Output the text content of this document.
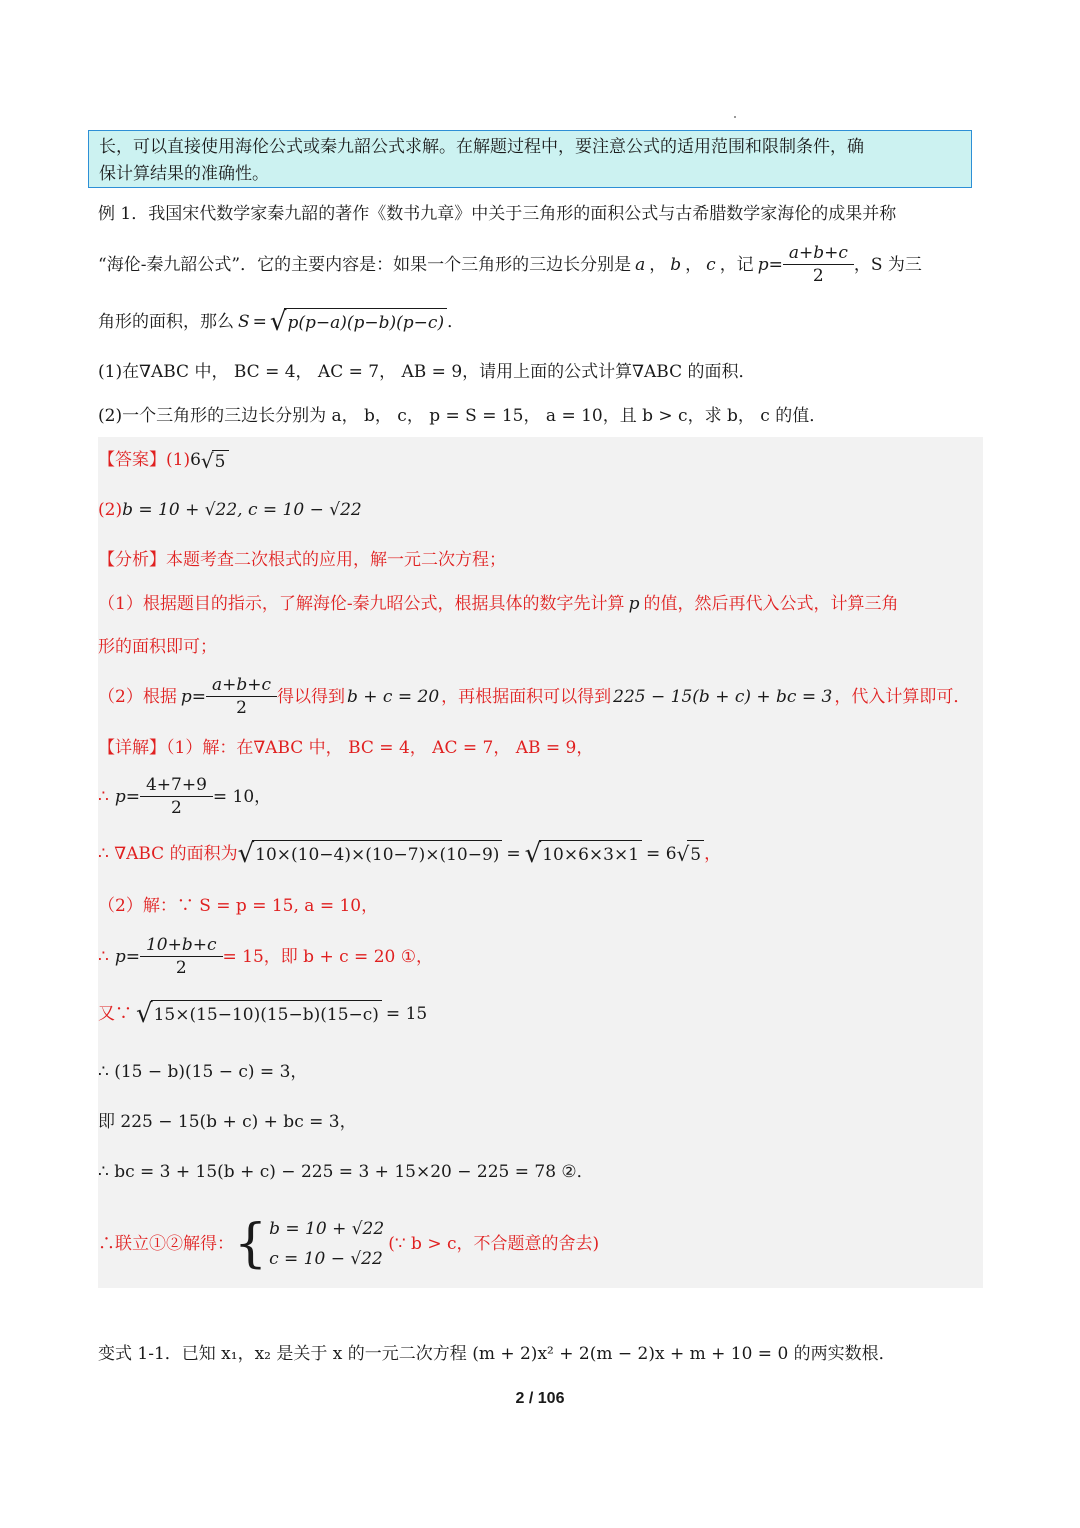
长，可以直接使用海伦公式或秦九韶公式求解。在解题过程中，要注意公式的适用范围和限制条件，确
保计算结果的准确性。
例 1．我国宋代数学家秦九韶的著作《数书九章》中关于三角形的面积公式与古希腊数学家海伦的成果并称
“海伦-秦九韶公式”．它的主要内容是：如果一个三角形的三边长分别是 a ， b ， c ，记 $p = \frac{a+b+c}{2}$ ，S 为三
角形的面积，那么 S = √ p(p−a)(p−b)(p−c) ．
(1)在∇ABC 中， BC = 4， AC = 7， AB = 9，请用上面的公式计算∇ABC 的面积．
(2)一个三角形的三边长分别为 a， b， c， p = S = 15， a = 10，且 b > c，求 b， c 的值．
【答案】(1)6 √ 5
(2)b = 10 + √22, c = 10 − √22
【分析】本题考查二次根式的应用，解一元二次方程；
（1）根据题目的指示，了解海伦-秦九昭公式，根据具体的数字先计算 p 的值，然后再代入公式，计算三角
形的面积即可；
（2）根据 $p = \frac{a+b+c}{2}$ 得以得到 b + c = 20 ，再根据面积可以得到 225 − 15(b + c) + bc = 3 ，代入计算即可．
【详解】（1）解：在∇ABC 中， BC = 4， AC = 7， AB = 9，
∴ $p = \frac{4+7+9}{2} = 10$，
∴ ∇ABC 的面积为 √ 10×(10−4)×(10−7)×(10−9) = √ 10×6×3×1 = 6 √ 5 ，
（2）解：∵ S = p = 15, a = 10，
∴ $p = \frac{10+b+c}{2} = 15$，即 b + c = 20 ①，
又∵ √ 15×(15−10)(15−b)(15−c) = 15
∴ (15 − b)(15 − c) = 3，
即 225 − 15(b + c) + bc = 3，
∴ bc = 3 + 15(b + c) − 225 = 3 + 15×20 − 225 = 78 ②．
∴联立①②解得： { b = 10 + √22
c = 10 − √22
(∵ b > c，不合题意的舍去)
变式 1-1．已知 x₁，x₂ 是关于 x 的一元二次方程 (m + 2)x² + 2(m − 2)x + m + 10 = 0 的两实数根．
2 / 106
